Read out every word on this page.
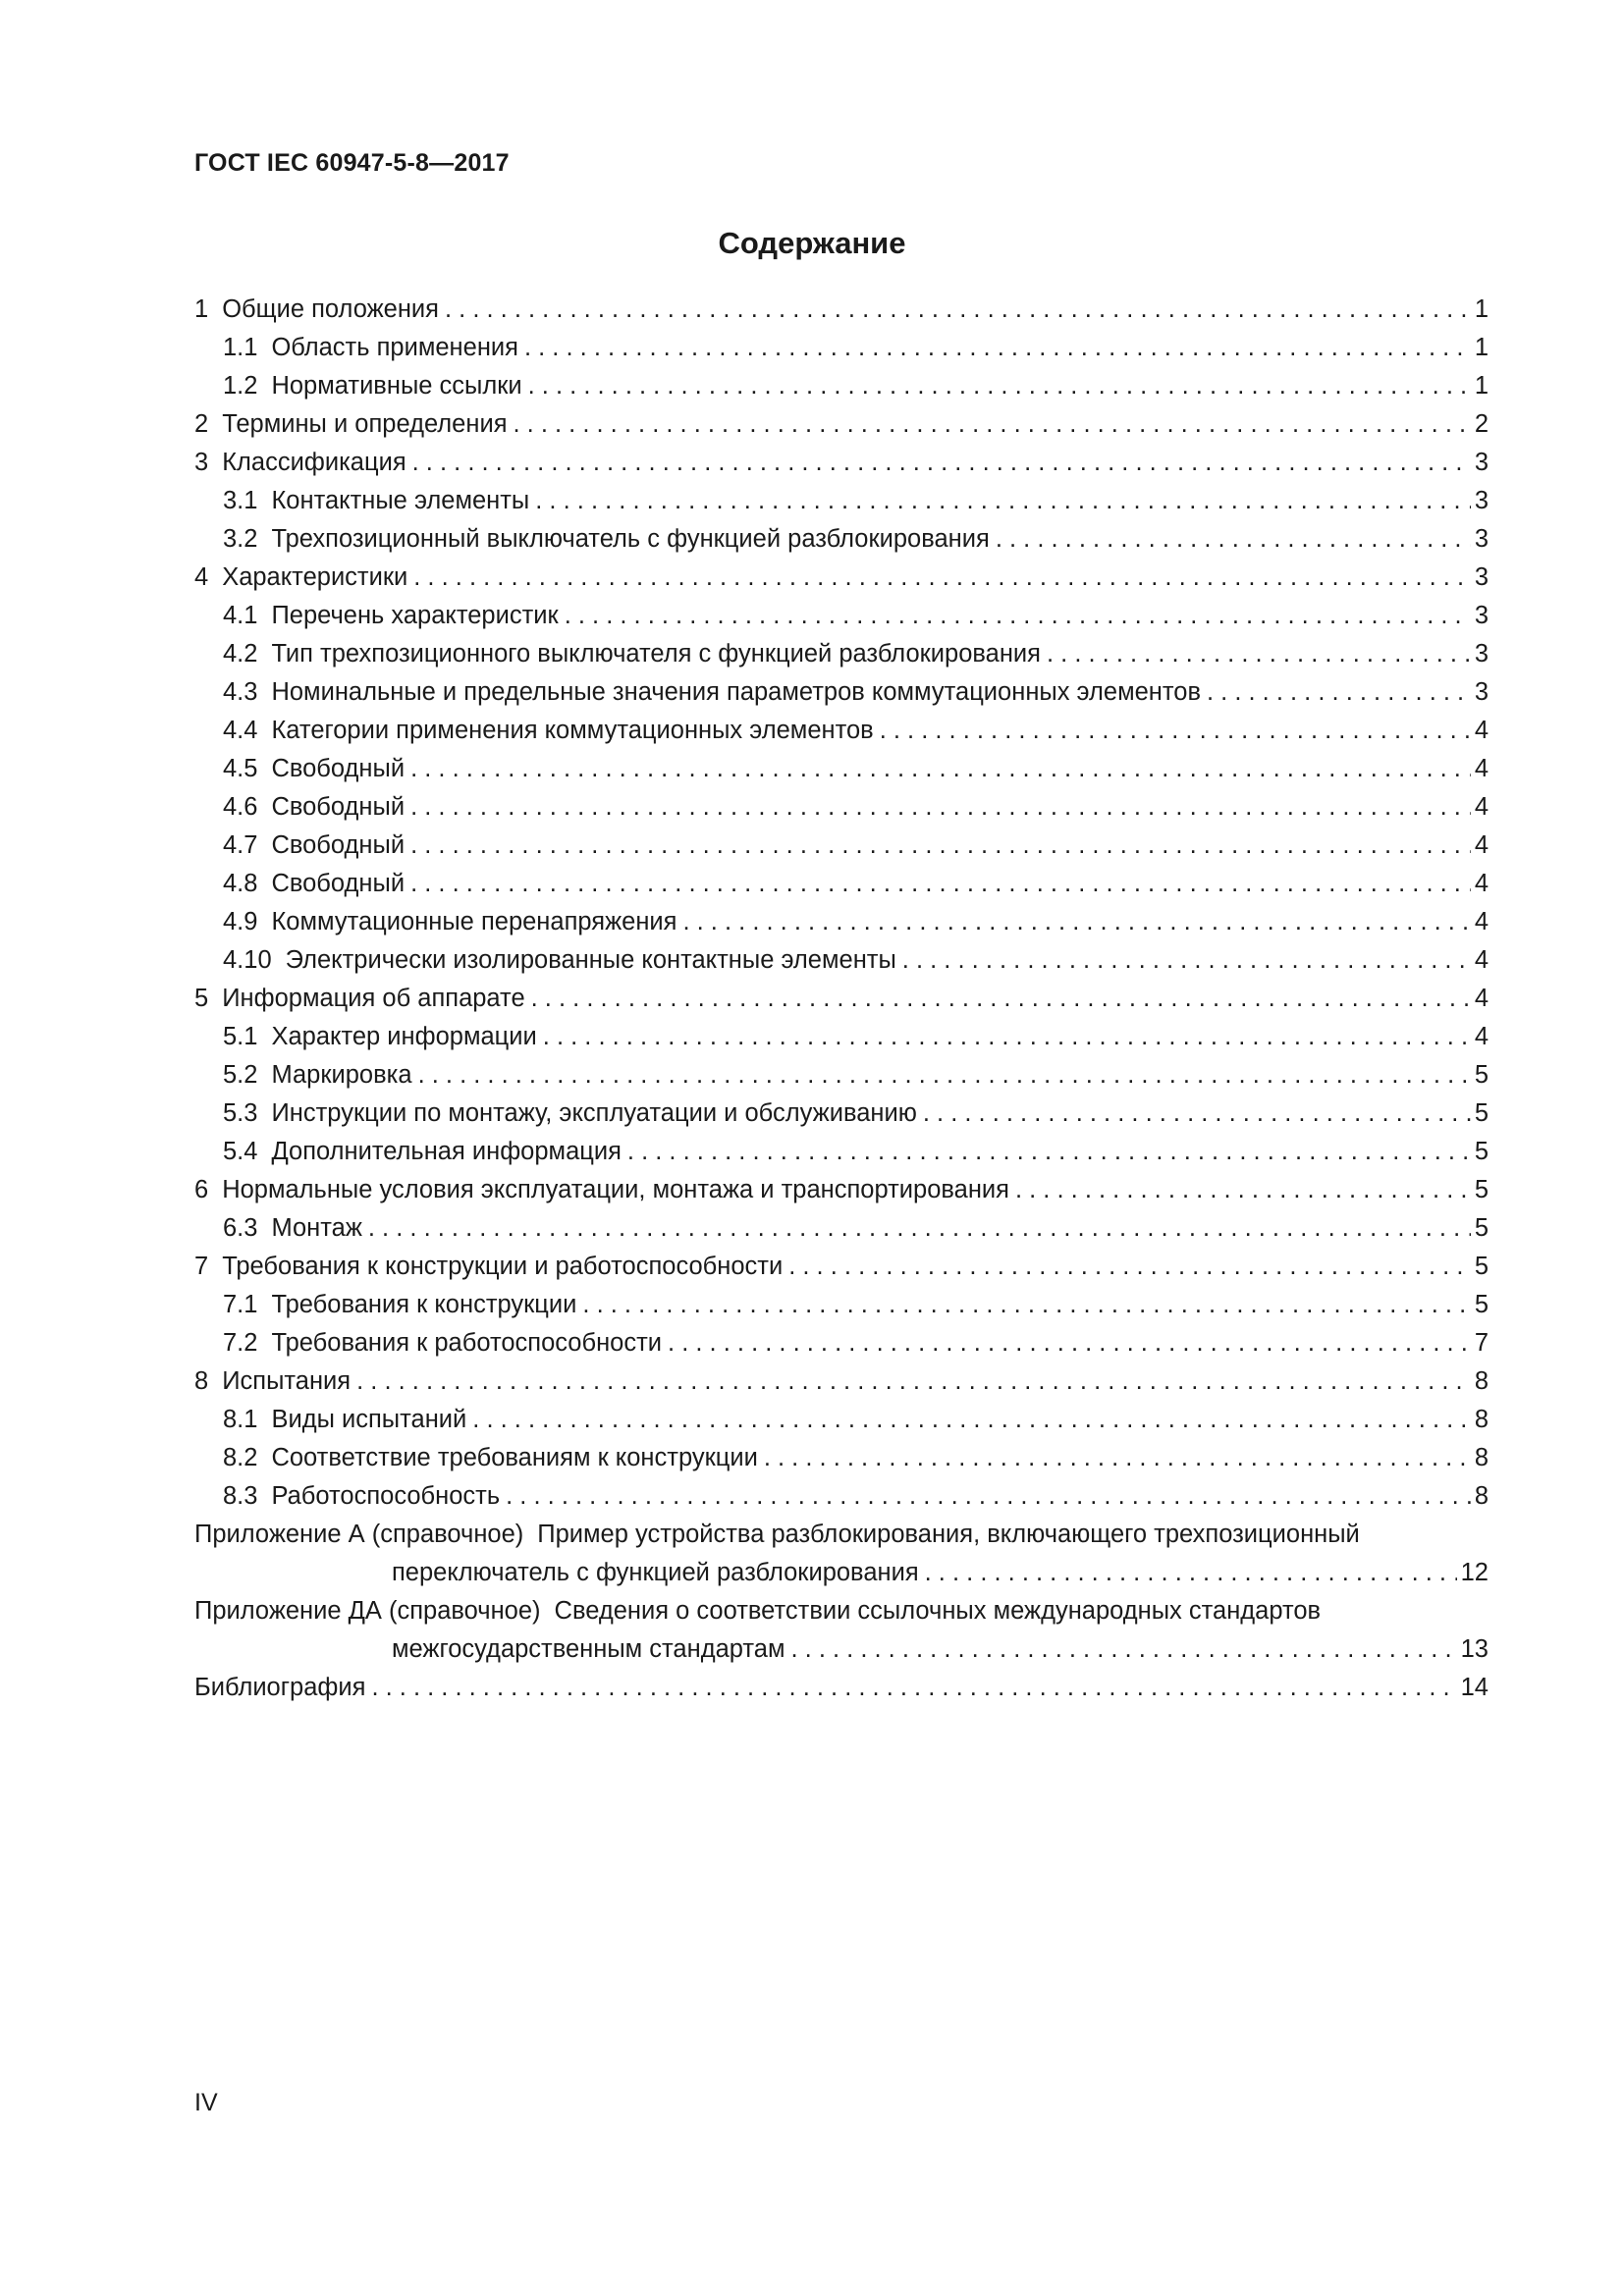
ГОСТ IEC 60947-5-8—2017
Содержание
1 Общие положения . . .	1
1.1 Область применения . . .	1
1.2 Нормативные ссылки . . .	1
2 Термины и определения . . .	2
3 Классификация . . .	3
3.1 Контактные элементы . . .	3
3.2 Трехпозиционный выключатель с функцией разблокирования . . .	3
4 Характеристики . . .	3
4.1 Перечень характеристик . . .	3
4.2 Тип трехпозиционного выключателя с функцией разблокирования . . .	3
4.3 Номинальные и предельные значения параметров коммутационных элементов . . .	3
4.4 Категории применения коммутационных элементов . . .	4
4.5 Свободный . . .	4
4.6 Свободный . . .	4
4.7 Свободный . . .	4
4.8 Свободный . . .	4
4.9 Коммутационные перенапряжения . . .	4
4.10 Электрически изолированные контактные элементы . . .	4
5 Информация об аппарате . . .	4
5.1 Характер информации . . .	4
5.2 Маркировка . . .	5
5.3 Инструкции по монтажу, эксплуатации и обслуживанию . . .	5
5.4 Дополнительная информация . . .	5
6 Нормальные условия эксплуатации, монтажа и транспортирования . . .	5
6.3 Монтаж . . .	5
7 Требования к конструкции и работоспособности . . .	5
7.1 Требования к конструкции . . .	5
7.2 Требования к работоспособности . . .	7
8 Испытания . . .	8
8.1 Виды испытаний . . .	8
8.2 Соответствие требованиям к конструкции . . .	8
8.3 Работоспособность . . .	8
Приложение А (справочное) Пример устройства разблокирования, включающего трехпозиционный
переключатель с функцией разблокирования . . .	12
Приложение ДА (справочное) Сведения о соответствии ссылочных международных стандартов
межгосударственным стандартам . . .	13
Библиография . . .	14
IV
